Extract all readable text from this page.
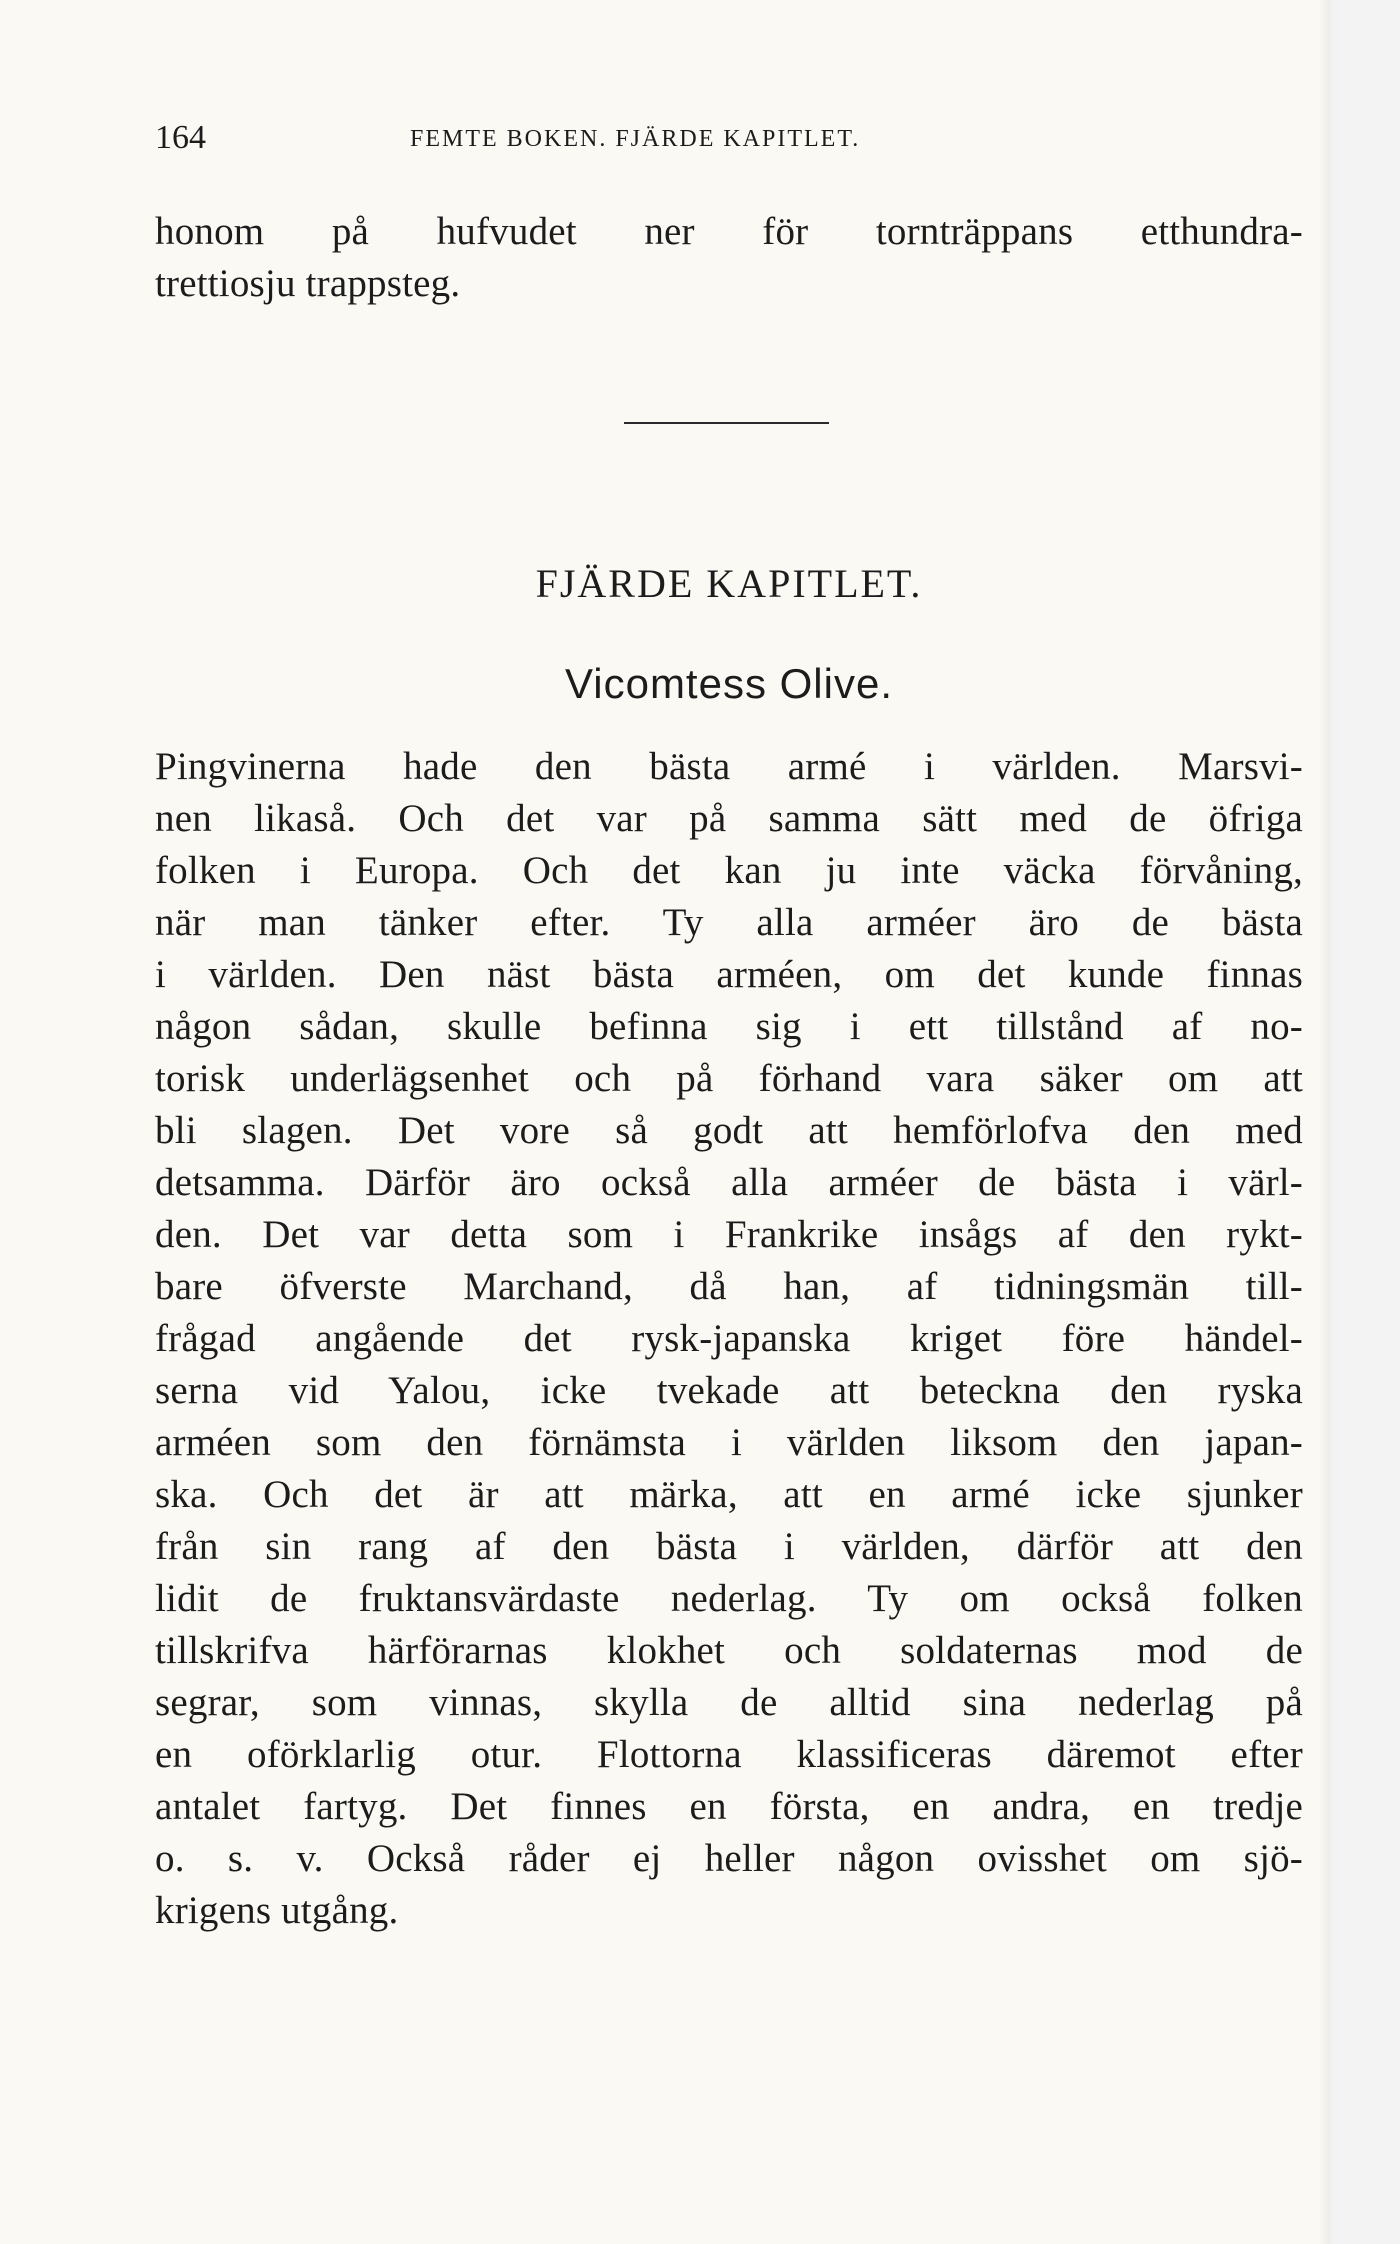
164	FEMTE BOKEN. FJÄRDE KAPITLET.
honom på hufvudet ner för tornträppans etthundra-
trettiosju trappsteg.
FJÄRDE KAPITLET.
Vicomtess Olive.
Pingvinerna hade den bästa armé i världen. Marsvi-
nen likaså. Och det var på samma sätt med de öfriga
folken i Europa. Och det kan ju inte väcka förvåning,
när man tänker efter. Ty alla arméer äro de bästa
i världen. Den näst bästa arméen, om det kunde finnas
någon sådan, skulle befinna sig i ett tillstånd af no-
torisk underlägsenhet och på förhand vara säker om att
bli slagen. Det vore så godt att hemförlofva den med
detsamma. Därför äro också alla arméer de bästa i värl-
den. Det var detta som i Frankrike insågs af den rykt-
bare öfverste Marchand, då han, af tidningsmän till-
frågad angående det rysk-japanska kriget före händel-
serna vid Yalou, icke tvekade att beteckna den ryska
arméen som den förnämsta i världen liksom den japan-
ska. Och det är att märka, att en armé icke sjunker
från sin rang af den bästa i världen, därför att den
lidit de fruktansvärdaste nederlag. Ty om också folken
tillskrifva härförarnas klokhet och soldaternas mod de
segrar, som vinnas, skylla de alltid sina nederlag på
en oförklarlig otur. Flottorna klassificeras däremot efter
antalet fartyg. Det finnes en första, en andra, en tredje
o. s. v. Också råder ej heller någon ovisshet om sjö-
krigens utgång.
